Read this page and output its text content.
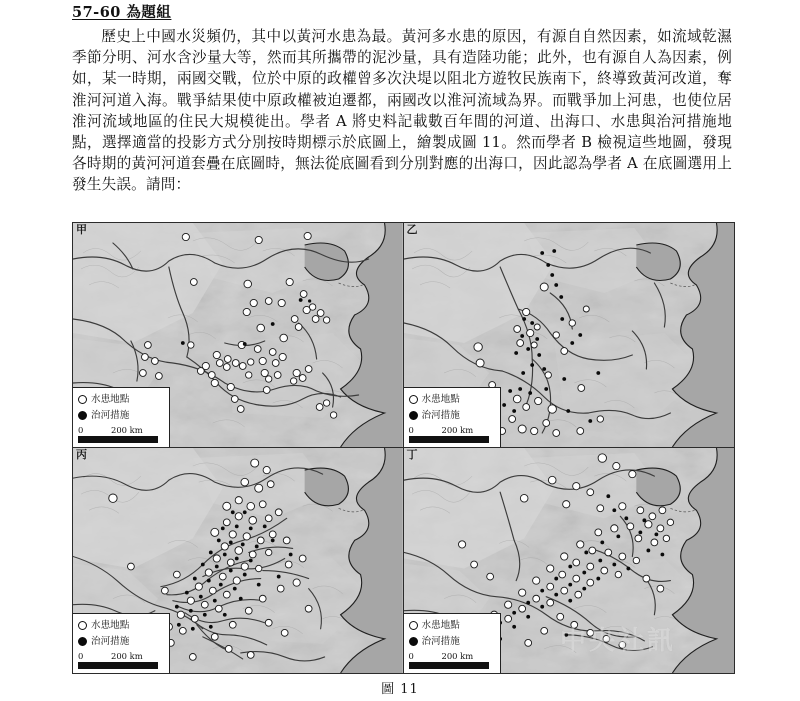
57-60 為題組

歷史上中國水災頻仍，其中以黃河水患為最。黃河多水患的原因，有源自自然因素，如流域乾濕季節分明、河水含沙量大等，然而其所攜帶的泥沙量，具有造陸功能；此外，也有源自人為因素，例如，某一時期，兩國交戰，位於中原的政權曾多次決堤以阻北方遊牧民族南下，終導致黃河改道，奪淮河河道入海。戰爭結果使中原政權被迫遷都，兩國改以淮河流域為界。而戰爭加上河患，也使位居淮河流域地區的住民大規模徙出。學者 A 將史料記載數百年間的河道、出海口、水患與治河措施地點，選擇適當的投影方式分別按時期標示於底圖上，繪製成圖 11。然而學者 B 檢視這些地圖，發現各時期的黃河河道套疊在底圖時，無法從底圖看到分別對應的出海口，因此認為學者 A 在底圖選用上發生失誤。請問：

甲
水患地點
治河措施
0	200 km
乙
水患地點
治河措施
0	200 km
丙
水患地點
治河措施
0	200 km
丁
水患地點
治河措施
0	200 km	中央社訊
圖 11
